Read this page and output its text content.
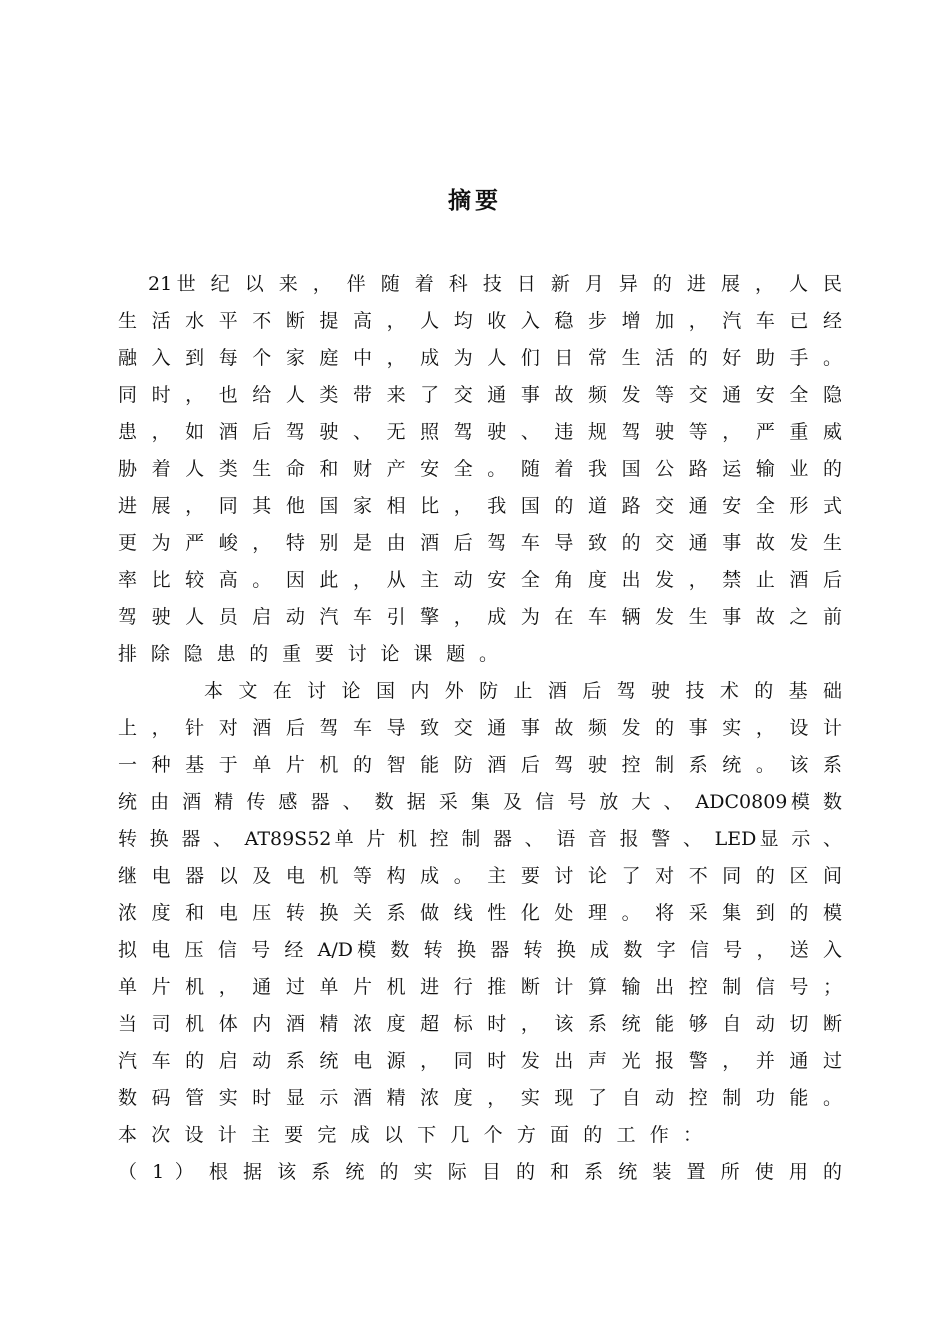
摘要
21世 纪 以 来 ， 伴 随 着 科 技 日 新 月 异 的 进 展 ， 人 民
生 活 水 平 不 断 提 高 ， 人 均 收 入 稳 步 增 加 ， 汽 车 已 经
融 入 到 每 个 家 庭 中 ， 成 为 人 们 日 常 生 活 的 好 助 手 。
同 时 ， 也 给 人 类 带 来 了 交 通 事 故 频 发 等 交 通 安 全 隐
患 ， 如 酒 后 驾 驶 、 无 照 驾 驶 、 违 规 驾 驶 等 ， 严 重 威
胁 着 人 类 生 命 和 财 产 安 全 。 随 着 我 国 公 路 运 输 业 的
进 展 ， 同 其 他 国 家 相 比 ， 我 国 的 道 路 交 通 安 全 形 式
更 为 严 峻 ， 特 别 是 由 酒 后 驾 车 导 致 的 交 通 事 故 发 生
率 比 较 高 。 因 此 ， 从 主 动 安 全 角 度 出 发 ， 禁 止 酒 后
驾 驶 人 员 启 动 汽 车 引 擎 ， 成 为 在 车 辆 发 生 事 故 之 前
排 除 隐 患 的 重 要 讨 论 课 题 。
本 文 在 讨 论 国 内 外 防 止 酒 后 驾 驶 技 术 的 基 础
上 ， 针 对 酒 后 驾 车 导 致 交 通 事 故 频 发 的 事 实 ， 设 计
一 种 基 于 单 片 机 的 智 能 防 酒 后 驾 驶 控 制 系 统 。 该 系
统 由 酒 精 传 感 器 、 数 据 采 集 及 信 号 放 大 、 ADC0809模 数
转 换 器 、 AT89S52单 片 机 控 制 器 、 语 音 报 警 、 LED显 示 、
继 电 器 以 及 电 机 等 构 成 。 主 要 讨 论 了 对 不 同 的 区 间
浓 度 和 电 压 转 换 关 系 做 线 性 化 处 理 。 将 采 集 到 的 模
拟 电 压 信 号 经 A/D模 数 转 换 器 转 换 成 数 字 信 号 ， 送 入
单 片 机 ， 通 过 单 片 机 进 行 推 断 计 算 输 出 控 制 信 号 ；
当 司 机 体 内 酒 精 浓 度 超 标 时 ， 该 系 统 能 够 自 动 切 断
汽 车 的 启 动 系 统 电 源 ， 同 时 发 出 声 光 报 警 ， 并 通 过
数 码 管 实 时 显 示 酒 精 浓 度 ， 实 现 了 自 动 控 制 功 能 。
本 次 设 计 主 要 完 成 以 下 几 个 方 面 的 工 作 ：
（ 1 ） 根 据 该 系 统 的 实 际 目 的 和 系 统 装 置 所 使 用 的
